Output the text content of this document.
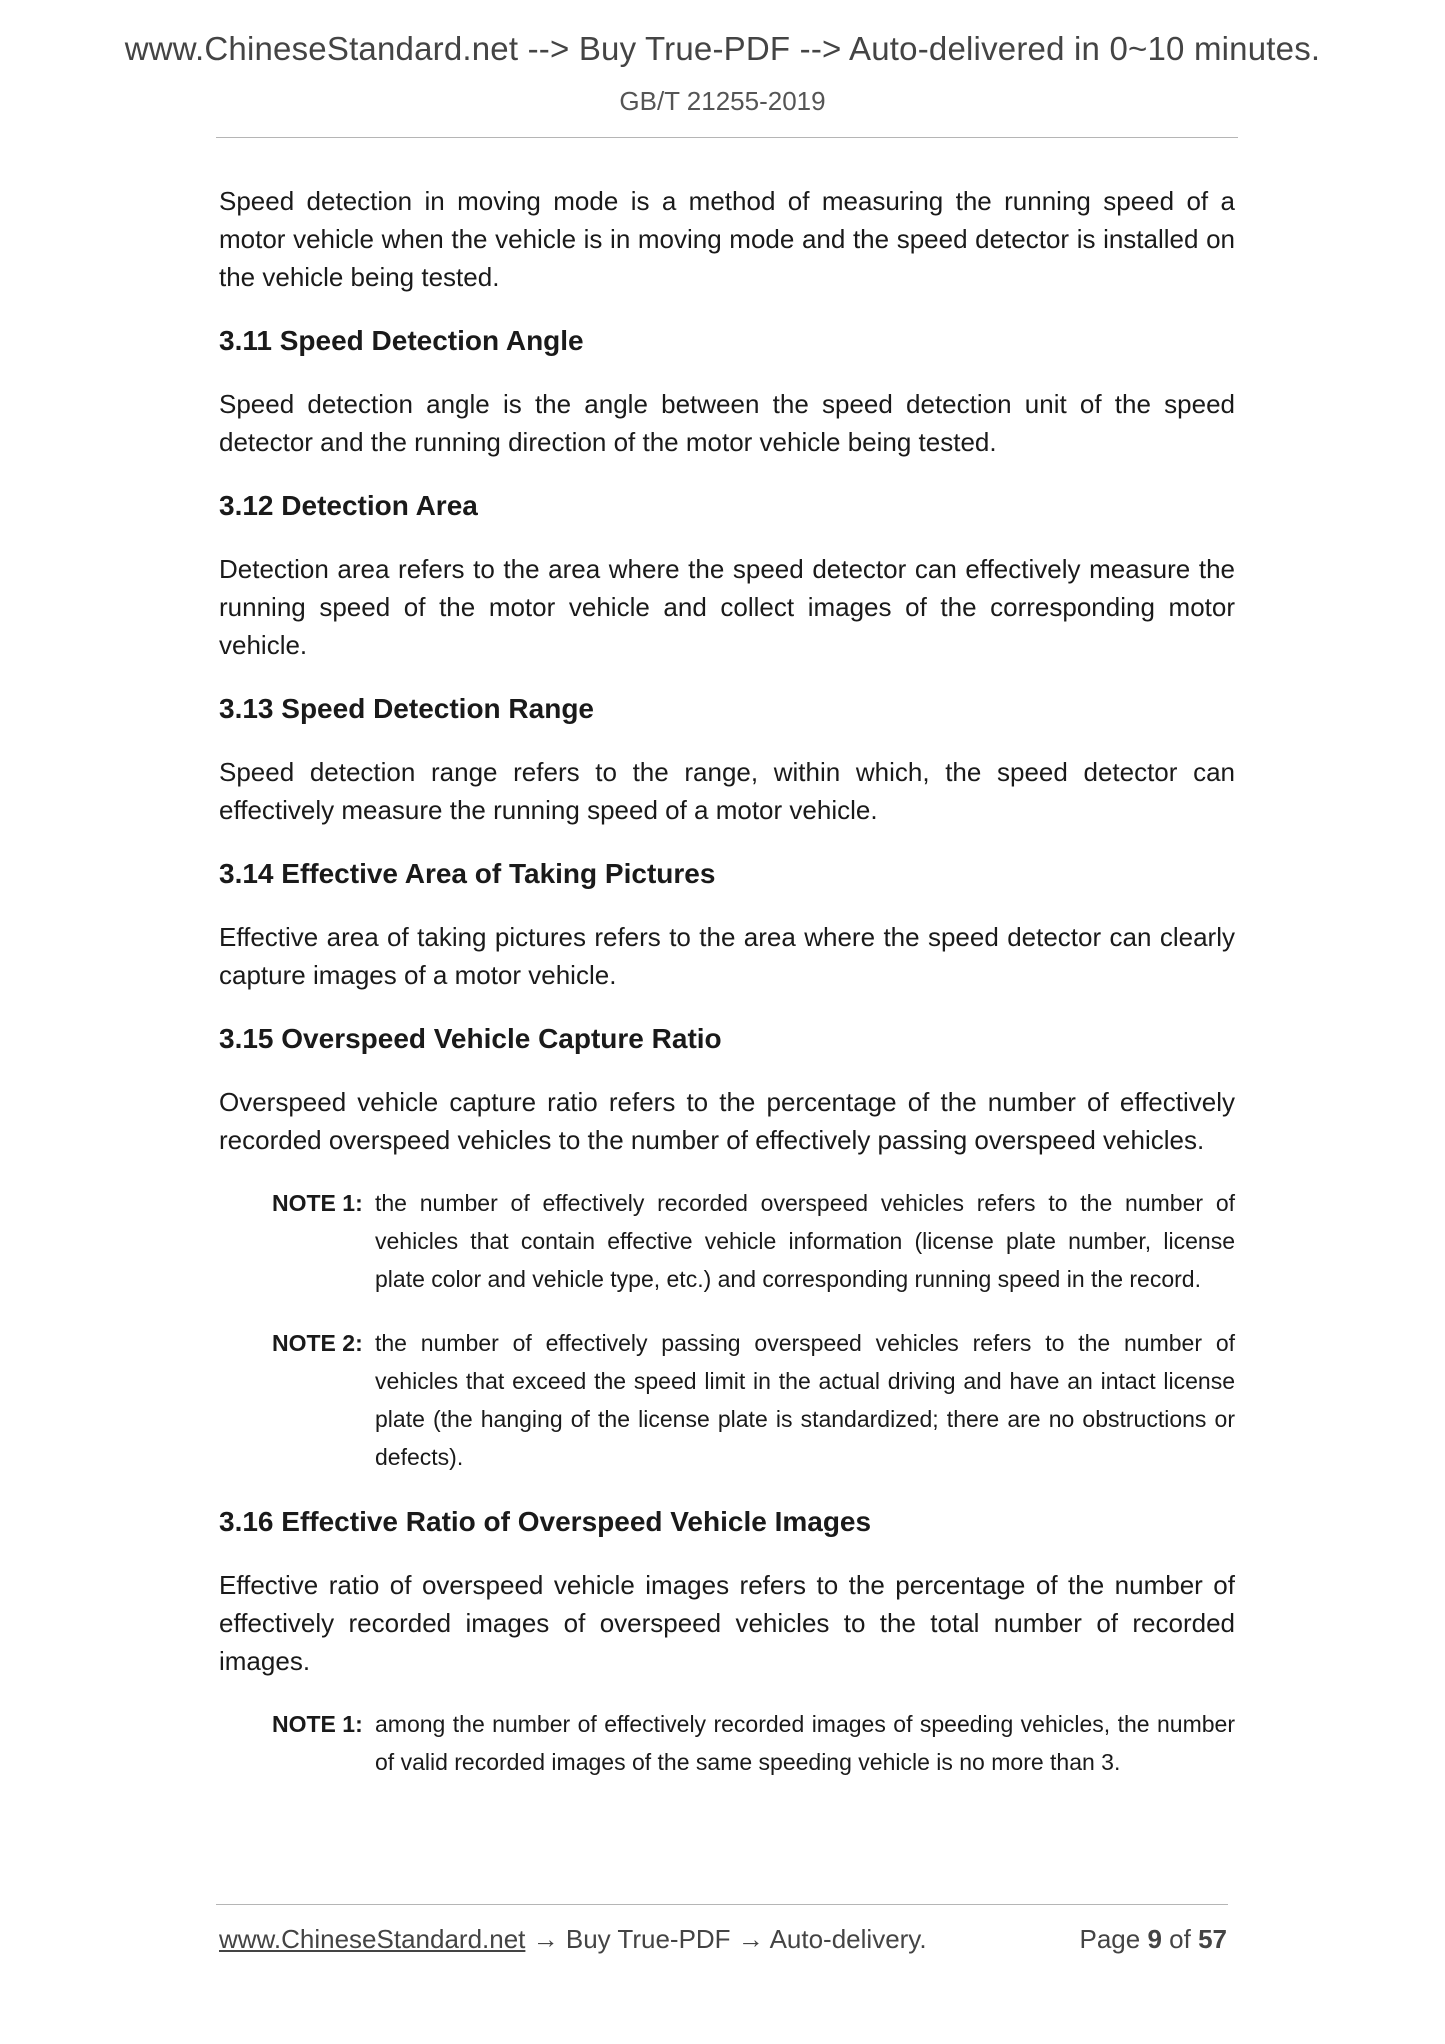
www.ChineseStandard.net --> Buy True-PDF --> Auto-delivered in 0~10 minutes.
GB/T 21255-2019

Speed detection in moving mode is a method of measuring the running speed of a motor vehicle when the vehicle is in moving mode and the speed detector is installed on the vehicle being tested.

3.11 Speed Detection Angle

Speed detection angle is the angle between the speed detection unit of the speed detector and the running direction of the motor vehicle being tested.

3.12 Detection Area

Detection area refers to the area where the speed detector can effectively measure the running speed of the motor vehicle and collect images of the corresponding motor vehicle.

3.13 Speed Detection Range

Speed detection range refers to the range, within which, the speed detector can effectively measure the running speed of a motor vehicle.

3.14 Effective Area of Taking Pictures

Effective area of taking pictures refers to the area where the speed detector can clearly capture images of a motor vehicle.

3.15 Overspeed Vehicle Capture Ratio

Overspeed vehicle capture ratio refers to the percentage of the number of effectively recorded overspeed vehicles to the number of effectively passing overspeed vehicles.

NOTE 1: the number of effectively recorded overspeed vehicles refers to the number of vehicles that contain effective vehicle information (license plate number, license plate color and vehicle type, etc.) and corresponding running speed in the record.
NOTE 2: the number of effectively passing overspeed vehicles refers to the number of vehicles that exceed the speed limit in the actual driving and have an intact license plate (the hanging of the license plate is standardized; there are no obstructions or defects).
3.16 Effective Ratio of Overspeed Vehicle Images

Effective ratio of overspeed vehicle images refers to the percentage of the number of effectively recorded images of overspeed vehicles to the total number of recorded images.

NOTE 1: among the number of effectively recorded images of speeding vehicles, the number of valid recorded images of the same speeding vehicle is no more than 3.
www.ChineseStandard.net → Buy True-PDF → Auto-delivery.	Page 9 of 57
